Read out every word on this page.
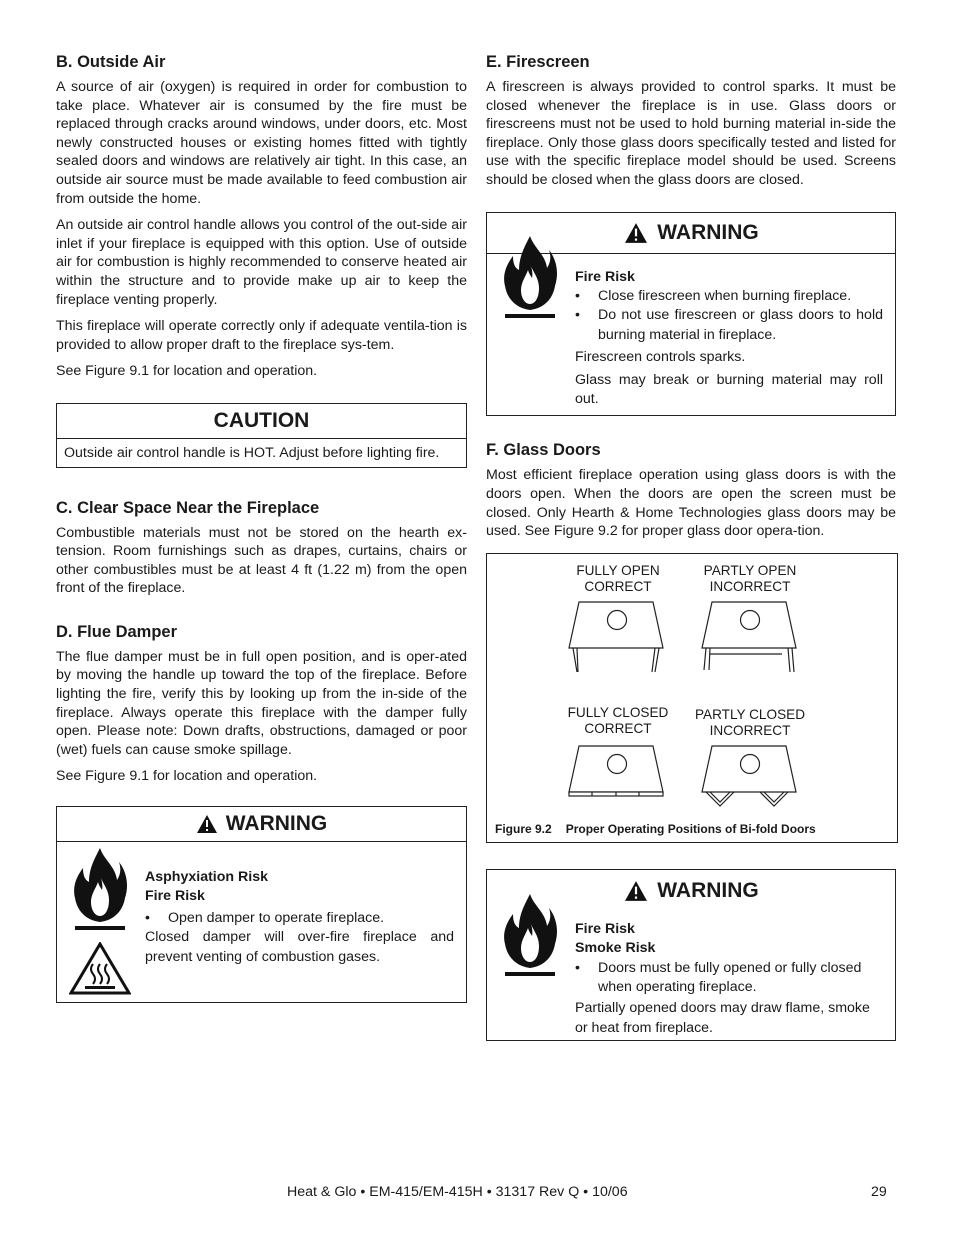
B. Outside Air

A source of air (oxygen) is required in order for combustion to take place. Whatever air is consumed by the fire must be replaced through cracks around windows, under doors, etc. Most newly constructed houses or existing homes fitted with tightly sealed doors and windows are relatively air tight. In this case, an outside air source must be made available to feed combustion air from outside the home.

An outside air control handle allows you control of the out-side air inlet if your fireplace is equipped with this option. Use of outside air for combustion is highly recommended to conserve heated air within the structure and to provide make up air to keep the fireplace venting properly.

This fireplace will operate correctly only if adequate ventila-tion is provided to allow proper draft to the fireplace sys-tem.

See Figure 9.1 for location and operation.

CAUTION
Outside air control handle is HOT. Adjust before lighting fire.
C. Clear Space Near the Fireplace

Combustible materials must not be stored on the hearth ex-tension. Room furnishings such as drapes, curtains, chairs or other combustibles must be at least 4 ft (1.22 m) from the open front of the fireplace.

D. Flue Damper

The flue damper must be in full open position, and is oper-ated by moving the handle up toward the top of the fireplace. Before lighting the fire, verify this by looking up from the in-side of the fireplace. Always operate this fireplace with the damper fully open. Please note: Down drafts, obstructions, damaged or poor (wet) fuels can cause smoke spillage.

See Figure 9.1 for location and operation.

WARNING
Asphyxiation Risk
Fire Risk
•	Open damper to operate fireplace.
Closed damper will over-fire fireplace and prevent venting of combustion gases.
E. Firescreen

A firescreen is always provided to control sparks. It must be closed whenever the fireplace is in use. Glass doors or firescreens must not be used to hold burning material in-side the fireplace. Only those glass doors specifically tested and listed for use with the specific fireplace model should be used. Screens should be closed when the glass doors are closed.

WARNING
Fire Risk
•	Close firescreen when burning fireplace.
•	Do not use firescreen or glass doors to hold burning material in fireplace.
Firescreen controls sparks.
Glass may break or burning material may roll out.
F. Glass Doors

Most efficient fireplace operation using glass doors is with the doors open. When the doors are open the screen must be closed. Only Hearth & Home Technologies glass doors may be used. See Figure 9.2 for proper glass door opera-tion.

FULLY OPEN
CORRECT
PARTLY OPEN
INCORRECT
FULLY CLOSED
CORRECT
PARTLY CLOSED
INCORRECT
Figure 9.2 Proper Operating Positions of Bi-fold Doors
WARNING
Fire Risk
Smoke Risk
•	Doors must be fully opened or fully closed when operating fireplace.
Partially opened doors may draw flame, smoke or heat from fireplace.
Heat & Glo • EM-415/EM-415H • 31317 Rev Q • 10/06	29
